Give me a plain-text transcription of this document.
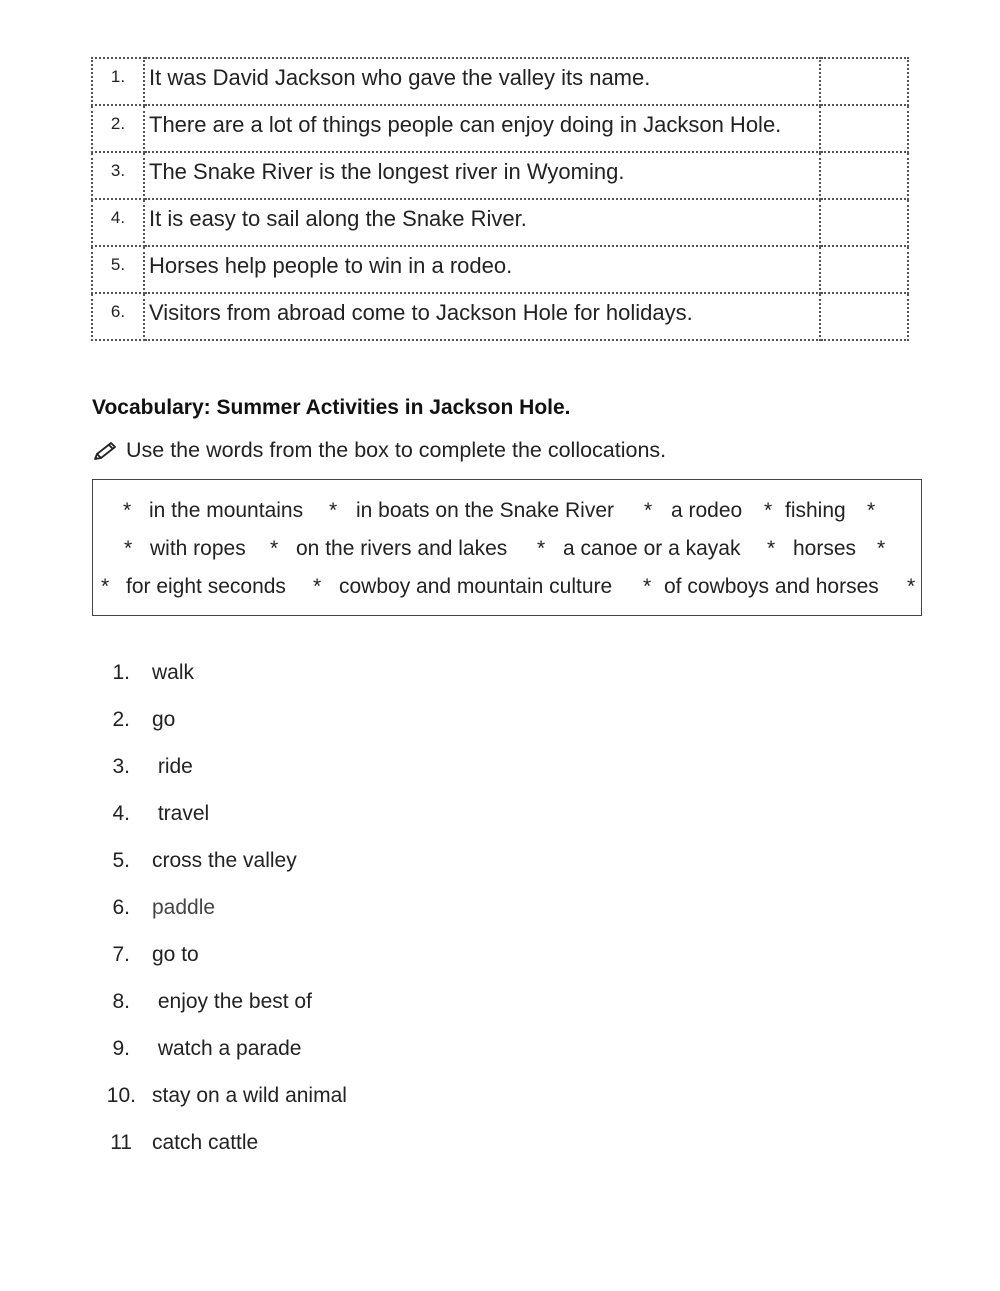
1.	It was David Jackson who gave the valley its name.	
2.	There are a lot of things people can enjoy doing in Jackson Hole.	
3.	The Snake River is the longest river in Wyoming.	
4.	It is easy to sail along the Snake River.	
5.	Horses help people to win in a rodeo.	
6.	Visitors from abroad come to Jackson Hole for holidays.	
Vocabulary: Summer Activities in Jackson Hole.
Use the words from the box to complete the collocations.
* in the mountains * in boats on the Snake River * a rodeo * fishing *
* with ropes * on the rivers and lakes * a canoe or a kayak * horses *
* for eight seconds * cowboy and mountain culture * of cowboys and horses *
1. walk
2. go
3. ride
4. travel
5. cross the valley
6. paddle
7. go to
8. enjoy the best of
9. watch a parade
10. stay on a wild animal
11 catch cattle
